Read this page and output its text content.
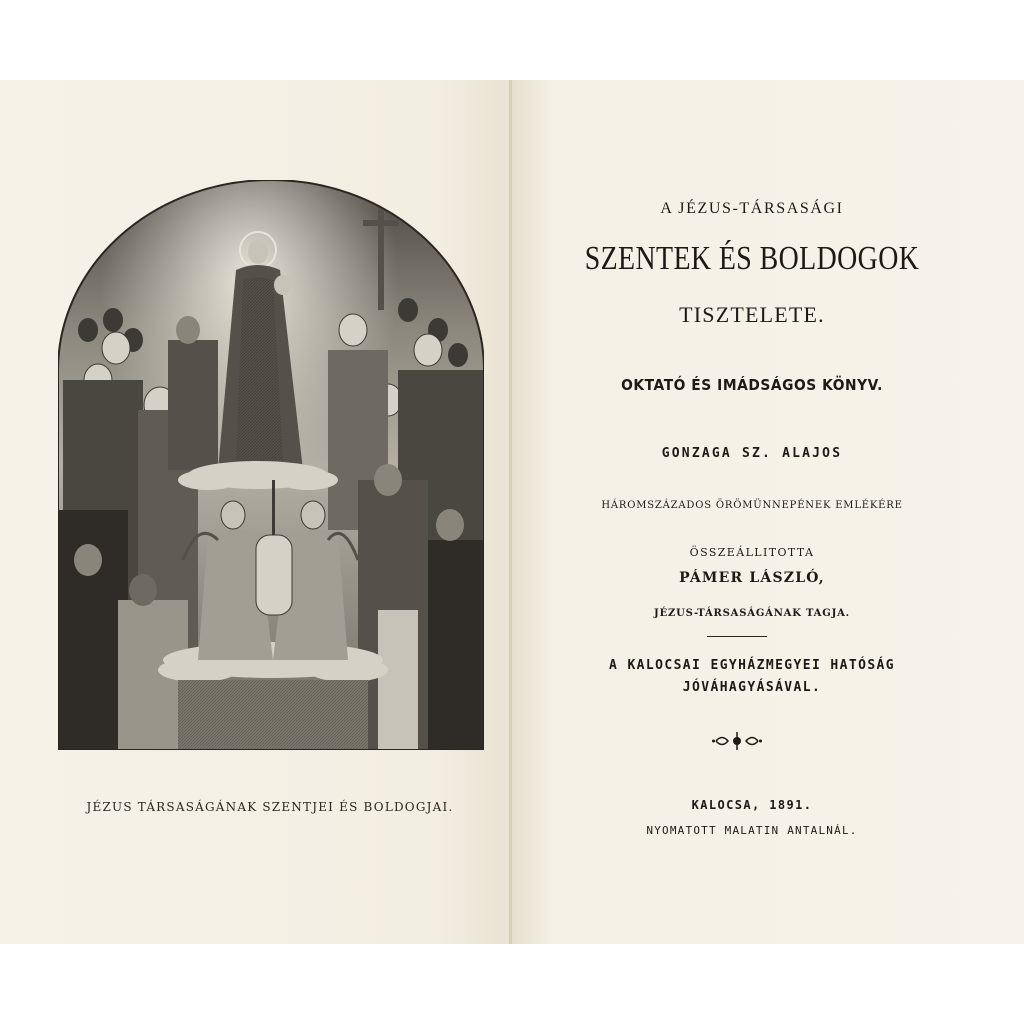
JÉZUS TÁRSASÁGÁNAK SZENTJEI ÉS BOLDOGJAI.
A JÉZUS-TÁRSASÁGI
SZENTEK ÉS BOLDOGOK
TISZTELETE.
OKTATÓ ÉS IMÁDSÁGOS KÖNYV.
GONZAGA SZ. ALAJOS
HÁROMSZÁZADOS ÖRÖMÜNNEPÉNEK EMLÉKÉRE
ÖSSZEÁLLITOTTA
PÁMER LÁSZLÓ,
JÉZUS-TÁRSASÁGÁNAK TAGJA.
A KALOCSAI EGYHÁZMEGYEI HATÓSÁG
JÓVÁHAGYÁSÁVAL.
KALOCSA, 1891.
NYOMATOTT MALATIN ANTALNÁL.
